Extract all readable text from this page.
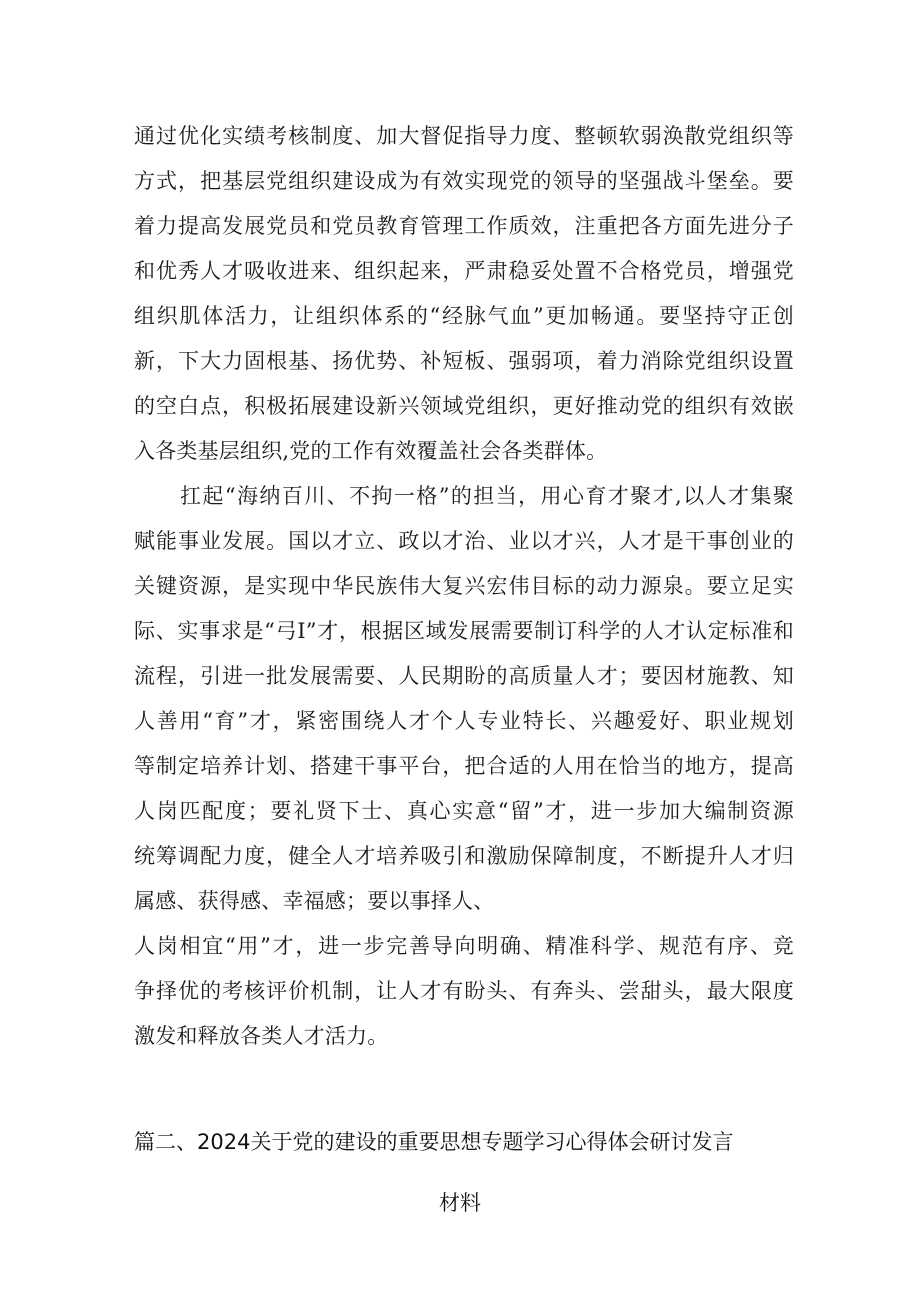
通过优化实绩考核制度、加大督促指导力度、整顿软弱涣散党组织等
方式，把基层党组织建设成为有效实现党的领导的坚强战斗堡垒。要
着力提高发展党员和党员教育管理工作质效，注重把各方面先进分子
和优秀人才吸收进来、组织起来，严肃稳妥处置不合格党员，增强党
组织肌体活力，让组织体系的“经脉气血”更加畅通。要坚持守正创
新，下大力固根基、扬优势、补短板、强弱项，着力消除党组织设置
的空白点，积极拓展建设新兴领域党组织，更好推动党的组织有效嵌
入各类基层组织,党的工作有效覆盖社会各类群体。
扛起“海纳百川、不拘一格”的担当，用心育才聚才,以人才集聚
赋能事业发展。国以才立、政以才治、业以才兴，人才是干事创业的
关键资源，是实现中华民族伟大复兴宏伟目标的动力源泉。要立足实
际、实事求是“弓I”才，根据区域发展需要制订科学的人才认定标准和
流程，引进一批发展需要、人民期盼的高质量人才；要因材施教、知
人善用“育”才，紧密围绕人才个人专业特长、兴趣爱好、职业规划
等制定培养计划、搭建干事平台，把合适的人用在恰当的地方，提高
人岗匹配度；要礼贤下士、真心实意“留”才，进一步加大编制资源
统筹调配力度，健全人才培养吸引和激励保障制度，不断提升人才归
属感、获得感、幸福感；要以事择人、
人岗相宜“用”才，进一步完善导向明确、精准科学、规范有序、竞
争择优的考核评价机制，让人才有盼头、有奔头、尝甜头，最大限度
激发和释放各类人才活力。
篇二、2024关于党的建设的重要思想专题学习心得体会研讨发言
材料
